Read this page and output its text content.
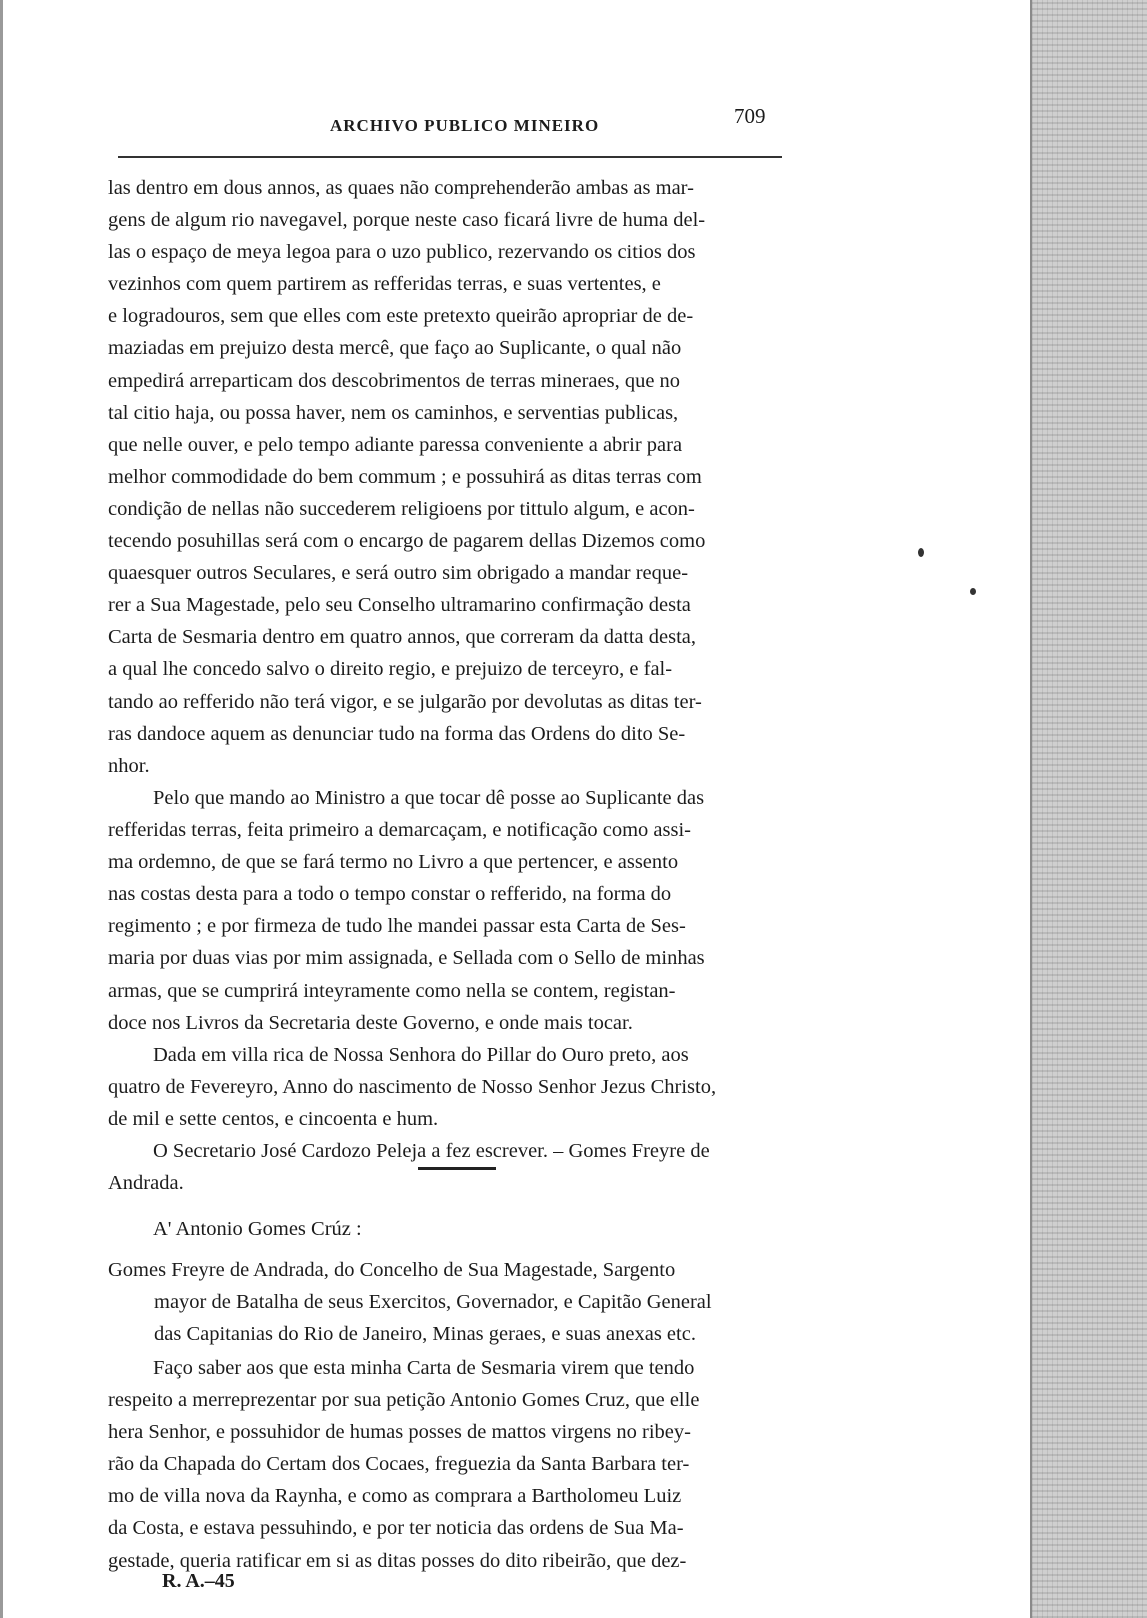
ARCHIVO PUBLICO MINEIRO	709
las dentro em dous annos, as quaes não comprehenderão ambas as mar-
gens de algum rio navegavel, porque neste caso ficará livre de huma del-
las o espaço de meya legoa para o uzo publico, rezervando os citios dos
vezinhos com quem partirem as refferidas terras, e suas vertentes, e
e logradouros, sem que elles com este pretexto queirão apropriar de de-
maziadas em prejuizo desta mercê, que faço ao Suplicante, o qual não
empedirá arreparticam dos descobrimentos de terras mineraes, que no
tal citio haja, ou possa haver, nem os caminhos, e serventias publicas,
que nelle ouver, e pelo tempo adiante paressa conveniente a abrir para
melhor commodidade do bem commum ; e possuhirá as ditas terras com
condição de nellas não succederem religioens por tittulo algum, e acon-
tecendo posuhillas será com o encargo de pagarem dellas Dizemos como
quaesquer outros Seculares, e será outro sim obrigado a mandar reque-
rer a Sua Magestade, pelo seu Conselho ultramarino confirmação desta
Carta de Sesmaria dentro em quatro annos, que correram da datta desta,
a qual lhe concedo salvo o direito regio, e prejuizo de terceyro, e fal-
tando ao refferido não terá vigor, e se julgarão por devolutas as ditas ter-
ras dandoce aquem as denunciar tudo na forma das Ordens do dito Se-
nhor.
Pelo que mando ao Ministro a que tocar dê posse ao Suplicante das
refferidas terras, feita primeiro a demarcaçam, e notificação como assi-
ma ordemno, de que se fará termo no Livro a que pertencer, e assento
nas costas desta para a todo o tempo constar o refferido, na forma do
regimento ; e por firmeza de tudo lhe mandei passar esta Carta de Ses-
maria por duas vias por mim assignada, e Sellada com o Sello de minhas
armas, que se cumprirá inteyramente como nella se contem, registan-
doce nos Livros da Secretaria deste Governo, e onde mais tocar.
Dada em villa rica de Nossa Senhora do Pillar do Ouro preto, aos
quatro de Fevereyro, Anno do nascimento de Nosso Senhor Jezus Christo,
de mil e sette centos, e cincoenta e hum.
O Secretario José Cardozo Peleja a fez escrever. – Gomes Freyre de
Andrada.
A' Antonio Gomes Crúz :
Gomes Freyre de Andrada, do Concelho de Sua Magestade, Sargento
mayor de Batalha de seus Exercitos, Governador, e Capitão General
das Capitanias do Rio de Janeiro, Minas geraes, e suas anexas etc.
Faço saber aos que esta minha Carta de Sesmaria virem que tendo
respeito a merreprezentar por sua petição Antonio Gomes Cruz, que elle
hera Senhor, e possuhidor de humas posses de mattos virgens no ribey-
rão da Chapada do Certam dos Cocaes, freguezia da Santa Barbara ter-
mo de villa nova da Raynha, e como as comprara a Bartholomeu Luiz
da Costa, e estava pessuhindo, e por ter noticia das ordens de Sua Ma-
gestade, queria ratificar em si as ditas posses do dito ribeirão, que dez-
R. A.–45
